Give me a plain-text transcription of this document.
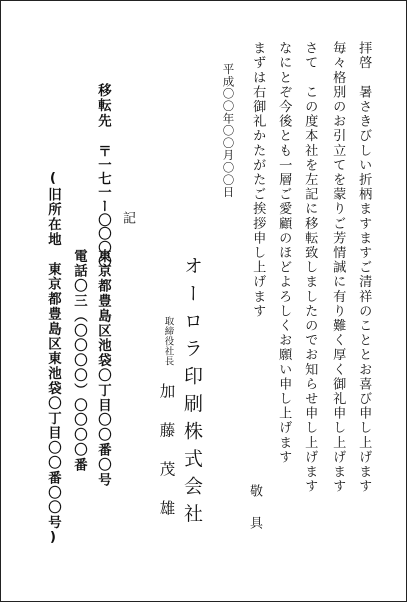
拝啓　暑さきびしい折柄ますますご清祥のこととお喜び申し上げます
毎々格別のお引立てを蒙りご芳情誠に有り難く厚く御礼申し上げます
さて　この度本社を左記に移転致しましたのでお知らせ申し上げます
なにとぞ今後とも一層ご愛顧のほどよろしくお願い申し上げます
まずは右御礼かたがたご挨拶申し上げます
敬　具
平成〇〇年〇〇月〇〇日
オーロラ印刷株式会社
取締役社長
加　藤　茂　雄
記
移転先
〒一七一ー〇〇〇〇
東京都豊島区池袋〇丁目〇〇番〇号
電話〇三（〇〇〇〇）〇〇〇〇番
(旧所在地　東京都豊島区東池袋〇丁目〇〇番〇〇号)
